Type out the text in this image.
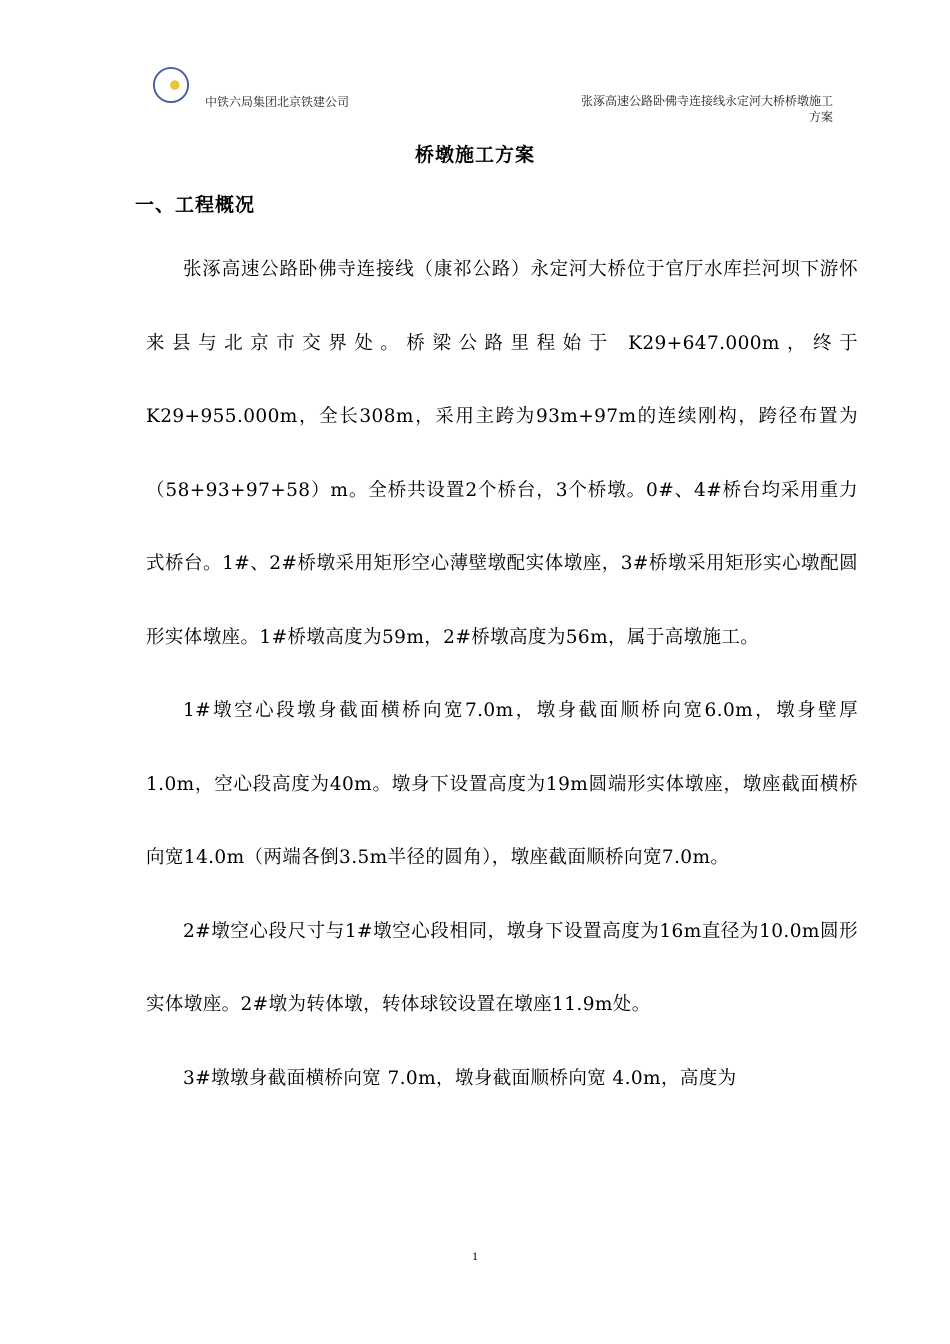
中铁六局集团北京铁建公司	张涿高速公路卧佛寺连接线永定河大桥桥墩施工
方案
桥墩施工方案
一、工程概况

张涿高速公路卧佛寺连接线（康祁公路）永定河大桥位于官厅水库拦河坝下游怀来县与北京市交界处。桥梁公路里程始于 K29+647.000m，终于K29+955.000m，全长308m，采用主跨为93m+97m的连续刚构，跨径布置为（58+93+97+58）m。全桥共设置2个桥台，3个桥墩。0#、4#桥台均采用重力式桥台。1#、2#桥墩采用矩形空心薄壁墩配实体墩座，3#桥墩采用矩形实心墩配圆形实体墩座。1#桥墩高度为59m，2#桥墩高度为56m，属于高墩施工。

1#墩空心段墩身截面横桥向宽7.0m，墩身截面顺桥向宽6.0m，墩身壁厚1.0m，空心段高度为40m。墩身下设置高度为19m圆端形实体墩座，墩座截面横桥向宽14.0m（两端各倒3.5m半径的圆角），墩座截面顺桥向宽7.0m。

2#墩空心段尺寸与1#墩空心段相同，墩身下设置高度为16m直径为10.0m圆形实体墩座。2#墩为转体墩，转体球铰设置在墩座11.9m处。

3#墩墩身截面横桥向宽 7.0m，墩身截面顺桥向宽 4.0m，高度为

1
